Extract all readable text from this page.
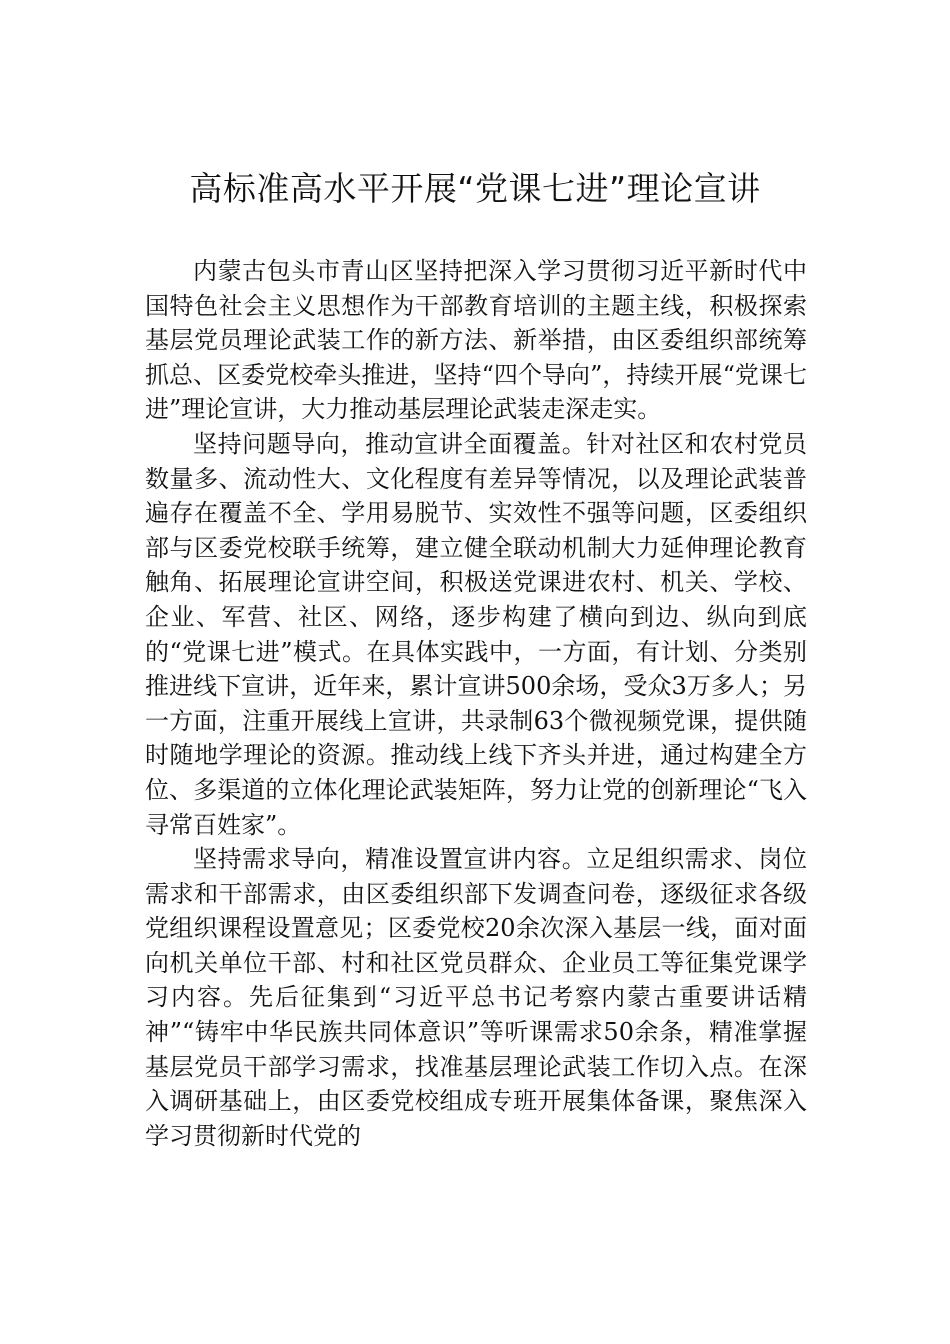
高标准高水平开展“党课七进”理论宣讲

内蒙古包头市青山区坚持把深入学习贯彻习近平新时代中国特色社会主义思想作为干部教育培训的主题主线，积极探索基层党员理论武装工作的新方法、新举措，由区委组织部统筹抓总、区委党校牵头推进，坚持“四个导向”，持续开展“党课七进”理论宣讲，大力推动基层理论武装走深走实。

坚持问题导向，推动宣讲全面覆盖。针对社区和农村党员数量多、流动性大、文化程度有差异等情况，以及理论武装普遍存在覆盖不全、学用易脱节、实效性不强等问题，区委组织部与区委党校联手统筹，建立健全联动机制大力延伸理论教育触角、拓展理论宣讲空间，积极送党课进农村、机关、学校、企业、军营、社区、网络，逐步构建了横向到边、纵向到底的“党课七进”模式。在具体实践中，一方面，有计划、分类别推进线下宣讲，近年来，累计宣讲500余场，受众3万多人；另一方面，注重开展线上宣讲，共录制63个微视频党课，提供随时随地学理论的资源。推动线上线下齐头并进，通过构建全方位、多渠道的立体化理论武装矩阵，努力让党的创新理论“飞入寻常百姓家”。

坚持需求导向，精准设置宣讲内容。立足组织需求、岗位需求和干部需求，由区委组织部下发调查问卷，逐级征求各级党组织课程设置意见；区委党校20余次深入基层一线，面对面向机关单位干部、村和社区党员群众、企业员工等征集党课学习内容。先后征集到“习近平总书记考察内蒙古重要讲话精神”“铸牢中华民族共同体意识”等听课需求50余条，精准掌握基层党员干部学习需求，找准基层理论武装工作切入点。在深入调研基础上，由区委党校组成专班开展集体备课，聚焦深入学习贯彻新时代党的
